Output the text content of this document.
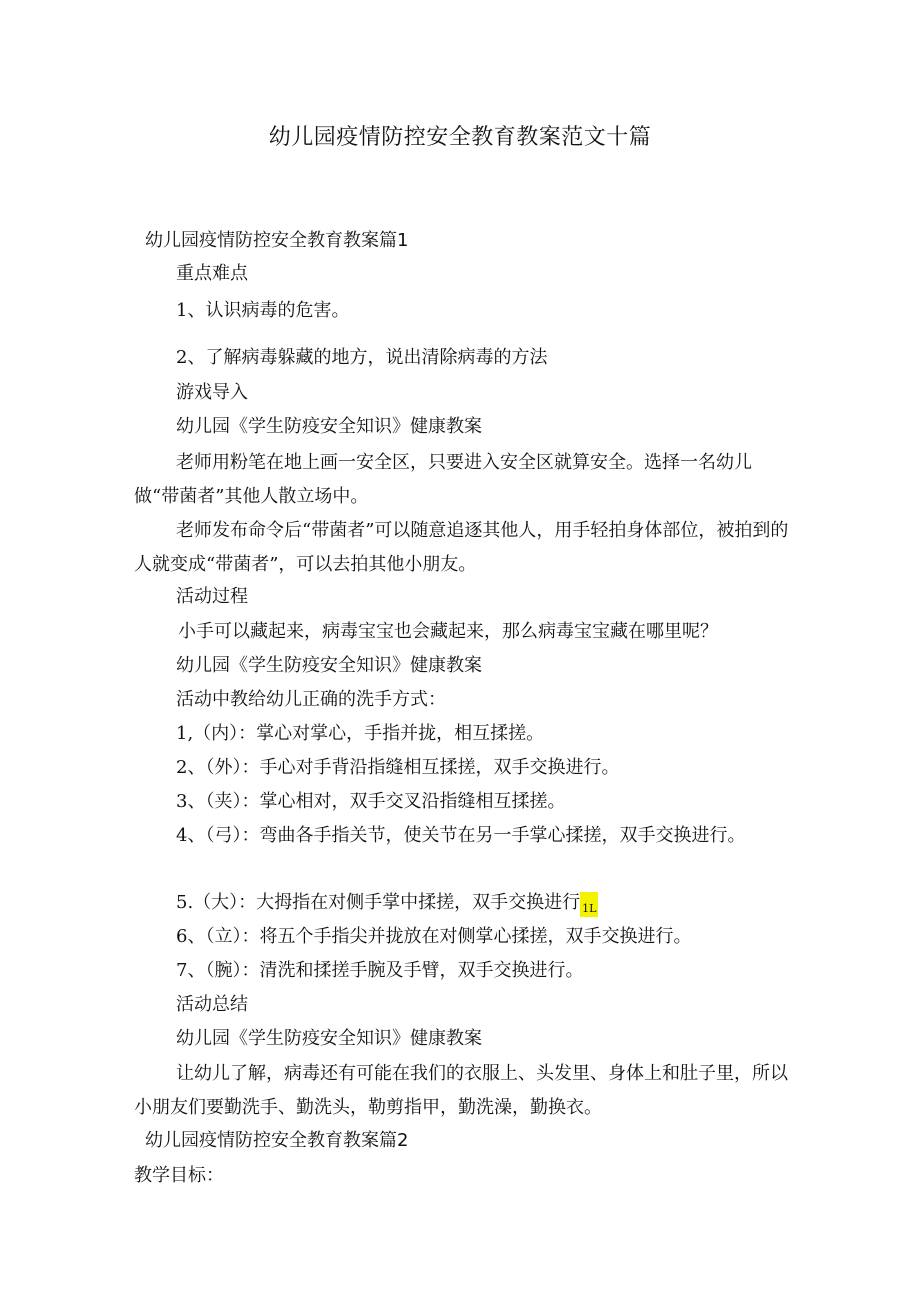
幼儿园疫情防控安全教育教案范文十篇
幼儿园疫情防控安全教育教案篇1
重点难点
1、认识病毒的危害。
2、了解病毒躲藏的地方，说出清除病毒的方法
游戏导入
幼儿园《学生防疫安全知识》健康教案
老师用粉笔在地上画一安全区，只要进入安全区就算安全。选择一名幼儿做“带菌者”其他人散立场中。
老师发布命令后“带菌者”可以随意追逐其他人，用手轻拍身体部位，被拍到的人就变成“带菌者”，可以去拍其他小朋友。
活动过程
小手可以藏起来，病毒宝宝也会藏起来，那么病毒宝宝藏在哪里呢？
幼儿园《学生防疫安全知识》健康教案
活动中教给幼儿正确的洗手方式：
1,（内）：掌心对掌心，手指并拢，相互揉搓。
2、（外）：手心对手背沿指缝相互揉搓，双手交换进行。
3、（夹）：掌心相对，双手交叉沿指缝相互揉搓。
4、（弓）：弯曲各手指关节，使关节在另一手掌心揉搓，双手交换进行。
5.（大）：大拇指在对侧手掌中揉搓，双手交换进行 $_{1L}$
6、（立）：将五个手指尖并拢放在对侧掌心揉搓，双手交换进行。
7、（腕）：清洗和揉搓手腕及手臂，双手交换进行。
活动总结
幼儿园《学生防疫安全知识》健康教案
让幼儿了解，病毒还有可能在我们的衣服上、头发里、身体上和肚子里，所以小朋友们要勤洗手、勤洗头，勒剪指甲，勤洗澡，勤换衣。
幼儿园疫情防控安全教育教案篇2
教学目标：
